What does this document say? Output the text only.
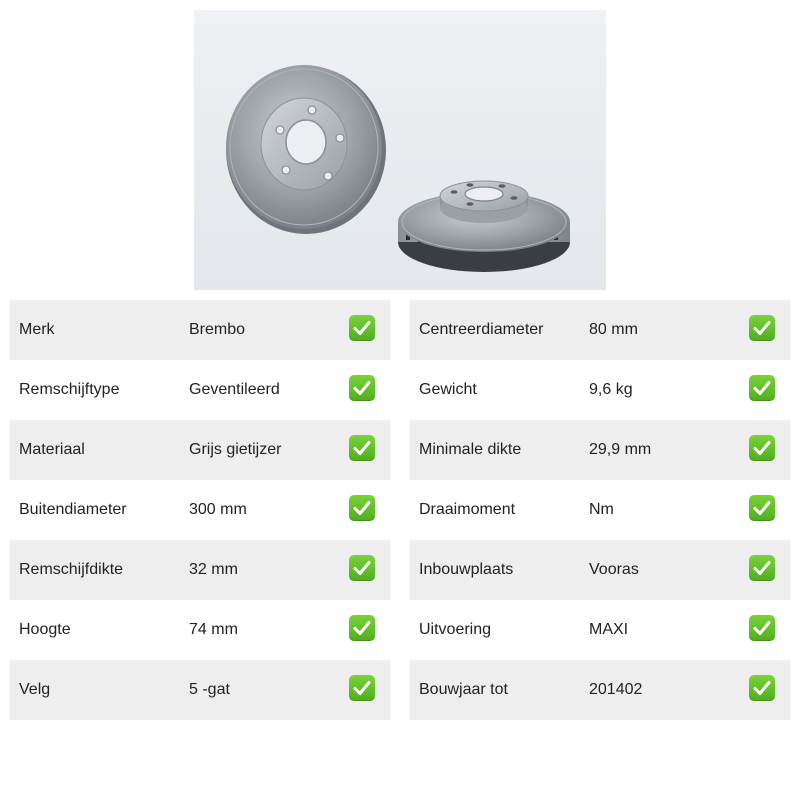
Merk	Brembo
Remschijftype	Geventileerd
Materiaal	Grijs gietijzer
Buitendiameter	300 mm
Remschijfdikte	32 mm
Hoogte	74 mm
Velg	5 -gat
Centreerdiameter	80 mm
Gewicht	9,6 kg
Minimale dikte	29,9 mm
Draaimoment	Nm
Inbouwplaats	Vooras
Uitvoering	MAXI
Bouwjaar tot	201402
